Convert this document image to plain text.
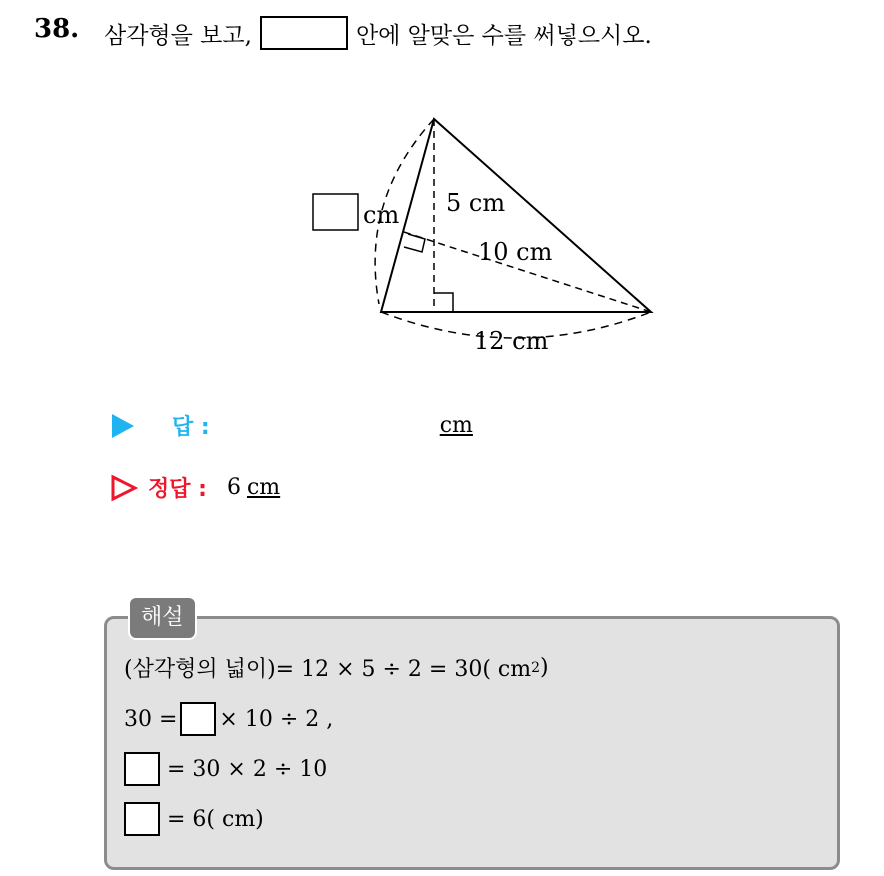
38. 삼각형을 보고,	안에 알맞은 수를 써넣으시오.
cm 5 cm
10 cm
12 cm
답 :	cm
정답 : 6 cm
해설
(삼각형의 넓이)= 12 × 5 ÷ 2 = 30( cm 2 )
30 = × 10 ÷ 2 ,
= 30 × 2 ÷ 10
= 6( cm)
